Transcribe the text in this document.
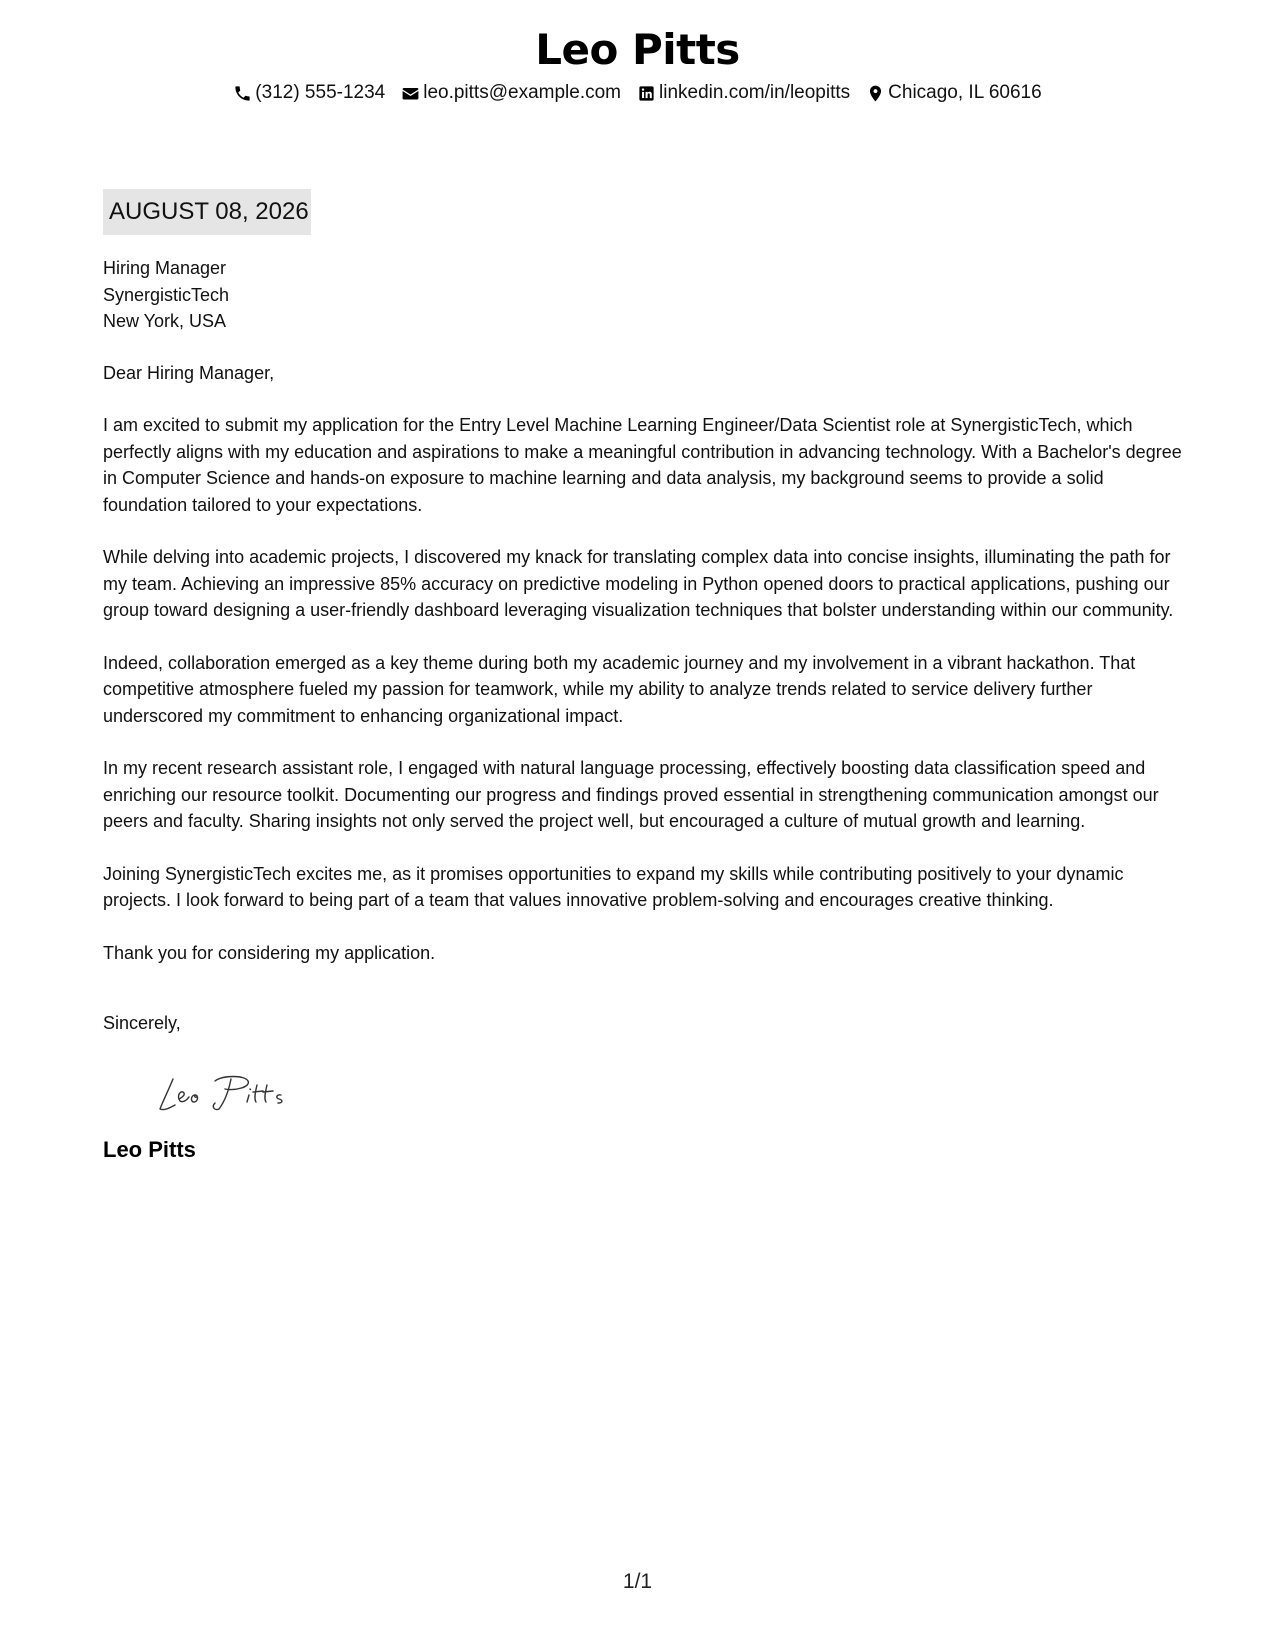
Leo Pitts
(312) 555-1234 leo.pitts@example.com linkedin.com/in/leopitts Chicago, IL 60616
AUGUST 08, 2026
Hiring Manager
SynergisticTech
New York, USA

Dear Hiring Manager,

I am excited to submit my application for the Entry Level Machine Learning Engineer/Data Scientist role at SynergisticTech, which perfectly aligns with my education and aspirations to make a meaningful contribution in advancing technology. With a Bachelor's degree in Computer Science and hands-on exposure to machine learning and data analysis, my background seems to provide a solid foundation tailored to your expectations.

While delving into academic projects, I discovered my knack for translating complex data into concise insights, illuminating the path for my team. Achieving an impressive 85% accuracy on predictive modeling in Python opened doors to practical applications, pushing our group toward designing a user-friendly dashboard leveraging visualization techniques that bolster understanding within our community.

Indeed, collaboration emerged as a key theme during both my academic journey and my involvement in a vibrant hackathon. That competitive atmosphere fueled my passion for teamwork, while my ability to analyze trends related to service delivery further underscored my commitment to enhancing organizational impact.

In my recent research assistant role, I engaged with natural language processing, effectively boosting data classification speed and enriching our resource toolkit. Documenting our progress and findings proved essential in strengthening communication amongst our peers and faculty. Sharing insights not only served the project well, but encouraged a culture of mutual growth and learning.

Joining SynergisticTech excites me, as it promises opportunities to expand my skills while contributing positively to your dynamic projects. I look forward to being part of a team that values innovative problem-solving and encourages creative thinking.

Thank you for considering my application.

Sincerely,
Leo Pitts
1/1
